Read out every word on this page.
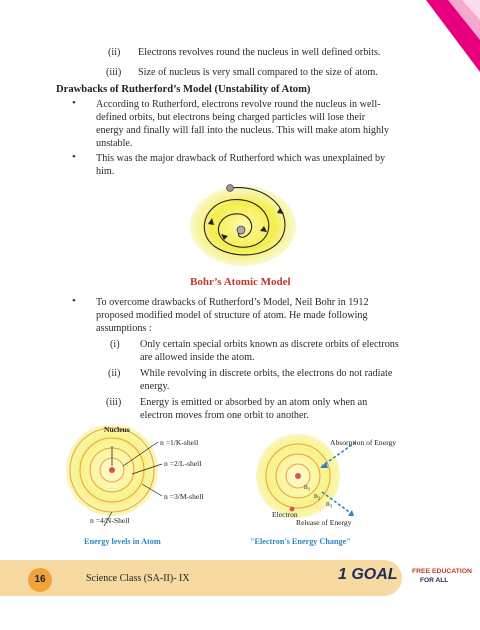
(ii) Electrons revolves round the nucleus in well defined orbits.
(iii) Size of nucleus is very small compared to the size of atom.
Drawbacks of Rutherford’s Model (Unstability of Atom)
• According to Rutherford, electrons revolve round the nucleus in well-
defined orbits, but electrons being charged particles will lose their
energy and finally will fall into the nucleus. This will make atom highly
unstable.
• This was the major drawback of Rutherford which was unexplained by
him.
Bohr’s Atomic Model
• To overcome drawbacks of Rutherford’s Model, Neil Bohr in 1912
proposed modified model of structure of atom. He made following
assumptions :
(i) Only certain special orbits known as discrete orbits of electrons
are allowed inside the atom.
(ii) While revolving in discrete orbits, the electrons do not radiate
energy.
(iii) Energy is emitted or absorbed by an atom only when an
electron moves from one orbit to another.
Nucleus
n =1/K-shell
n =2/L-shell
n =3/M-shell
n =4/N-Shell
Energy levels in Atom
Absorption of Energy
n₁
n₂
n₃
Electron
Release of Energy
"Electron's Energy Change"
16	Science Class (SA-II)- IX	1 GOAL FREE EDUCATION
FOR ALL
